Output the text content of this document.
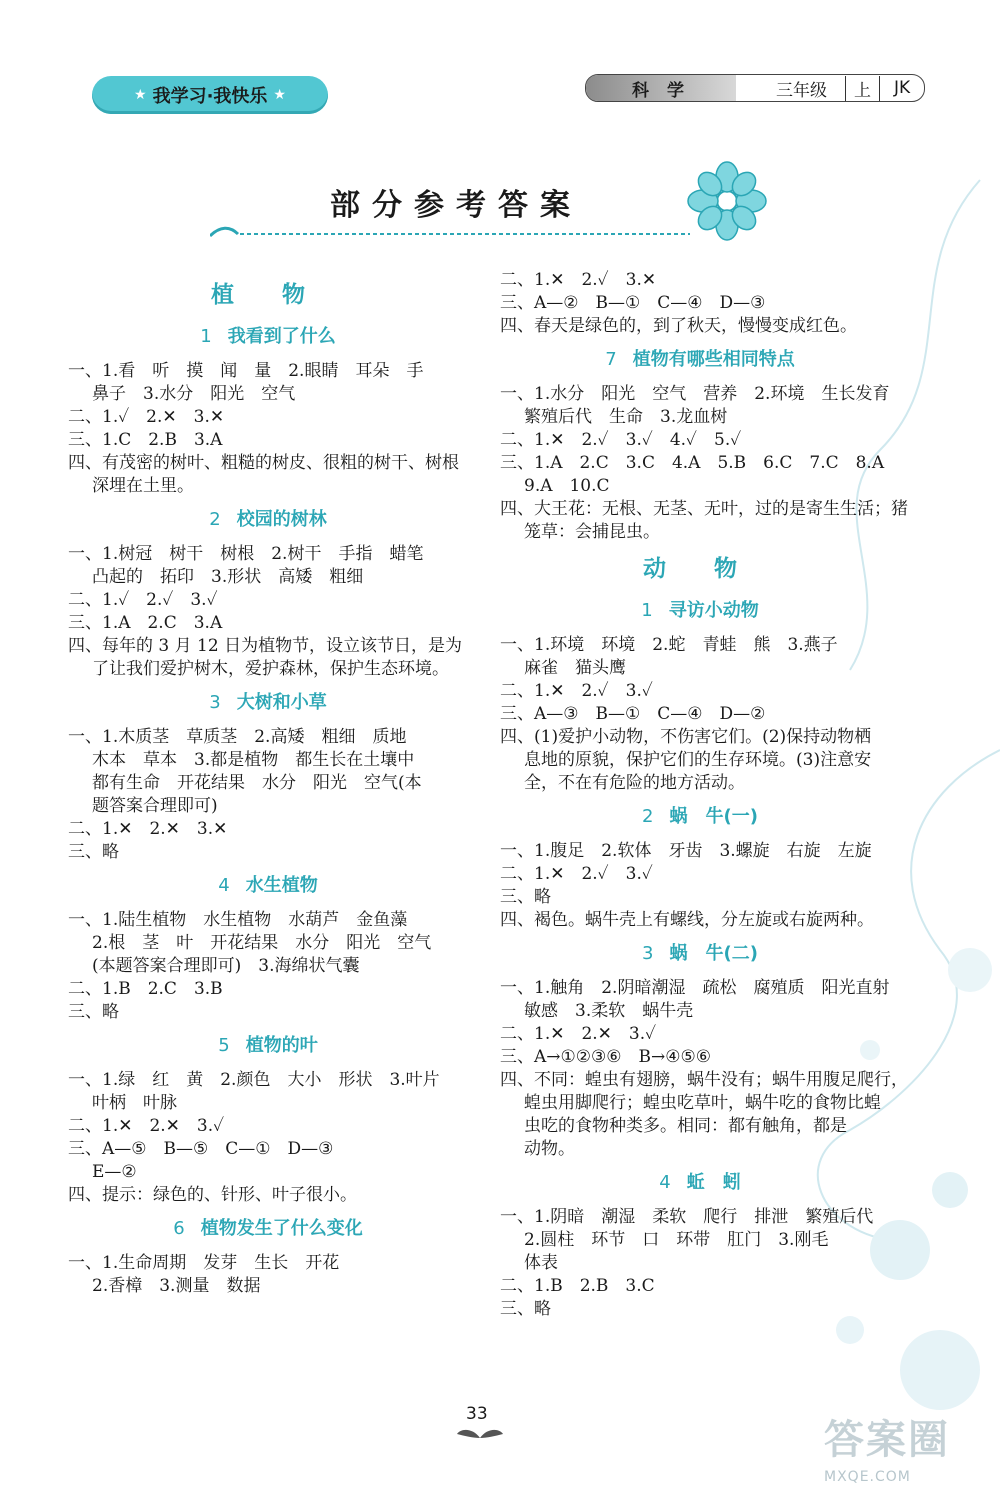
★ 我学习·我快乐 ★	科 学	三年级	上	JK
部分参考答案
植 物
1 我看到了什么
一、1.看　听　摸　闻　量　2.眼睛　耳朵　手
鼻子　3.水分　阳光　空气
二、1.✓　2.✕　3.✕
三、1.C　2.B　3.A
四、有茂密的树叶、粗糙的树皮、很粗的树干、树根
深埋在土里。
2 校园的树林
一、1.树冠　树干　树根　2.树干　手指　蜡笔
凸起的　拓印　3.形状　高矮　粗细
二、1.✓　2.✓　3.✓
三、1.A　2.C　3.A
四、每年的 3 月 12 日为植物节，设立该节日，是为
了让我们爱护树木，爱护森林，保护生态环境。
3 大树和小草
一、1.木质茎　草质茎　2.高矮　粗细　质地
木本　草本　3.都是植物　都生长在土壤中
都有生命　开花结果　水分　阳光　空气(本
题答案合理即可)
二、1.✕　2.✕　3.✕
三、略
4 水生植物
一、1.陆生植物　水生植物　水葫芦　金鱼藻
2.根　茎　叶　开花结果　水分　阳光　空气
(本题答案合理即可)　3.海绵状气囊
二、1.B　2.C　3.B
三、略
5 植物的叶
一、1.绿　红　黄　2.颜色　大小　形状　3.叶片
叶柄　叶脉
二、1.✕　2.✕　3.✓
三、A—⑤　B—⑤　C—①　D—③
E—②
四、提示：绿色的、针形、叶子很小。
6 植物发生了什么变化
一、1.生命周期　发芽　生长　开花
2.香樟　3.测量　数据
二、1.✕　2.✓　3.✕
三、A—②　B—①　C—④　D—③
四、春天是绿色的，到了秋天，慢慢变成红色。
7 植物有哪些相同特点
一、1.水分　阳光　空气　营养　2.环境　生长发育
繁殖后代　生命　3.龙血树
二、1.✕　2.✓　3.✓　4.✓　5.✓
三、1.A　2.C　3.C　4.A　5.B　6.C　7.C　8.A
9.A　10.C
四、大王花：无根、无茎、无叶，过的是寄生生活；猪
笼草：会捕昆虫。
动 物
1 寻访小动物
一、1.环境　环境　2.蛇　青蛙　熊　3.燕子
麻雀　猫头鹰
二、1.✕　2.✓　3.✓
三、A—③　B—①　C—④　D—②
四、(1)爱护小动物，不伤害它们。(2)保持动物栖
息地的原貌，保护它们的生存环境。(3)注意安
全，不在有危险的地方活动。
2 蜗　牛(一)
一、1.腹足　2.软体　牙齿　3.螺旋　右旋　左旋
二、1.✕　2.✓　3.✓
三、略
四、褐色。蜗牛壳上有螺线，分左旋或右旋两种。
3 蜗　牛(二)
一、1.触角　2.阴暗潮湿　疏松　腐殖质　阳光直射
敏感　3.柔软　蜗牛壳
二、1.✕　2.✕　3.✓
三、A→①②③⑥　B→④⑤⑥
四、不同：蝗虫有翅膀，蜗牛没有；蜗牛用腹足爬行，
蝗虫用脚爬行；蝗虫吃草叶，蜗牛吃的食物比蝗
虫吃的食物种类多。相同：都有触角，都是
动物。
4 蚯　蚓
一、1.阴暗　潮湿　柔软　爬行　排泄　繁殖后代
2.圆柱　环节　口　环带　肛门　3.刚毛
体表
二、1.B　2.B　3.C
三、略
33
答案圈
MXQE.COM
